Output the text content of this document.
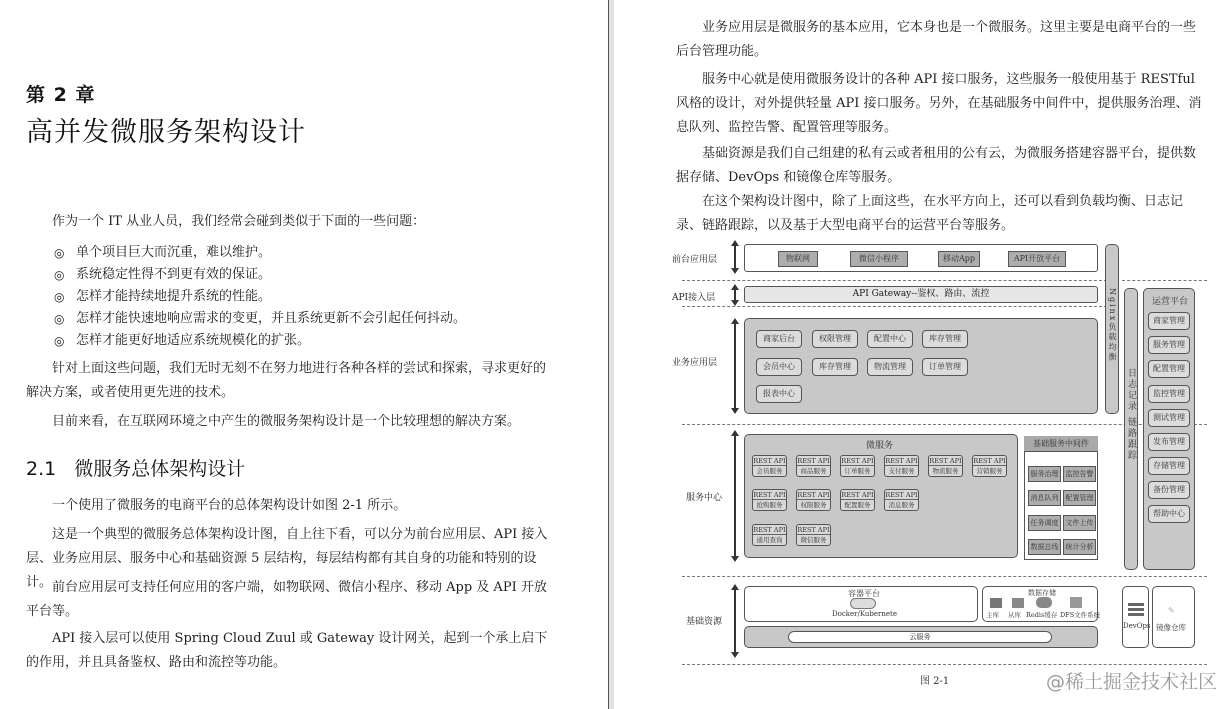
第 2 章
高并发微服务架构设计
作为一个 IT 从业人员，我们经常会碰到类似于下面的一些问题：
◎ 单个项目巨大而沉重，难以维护。
◎ 系统稳定性得不到更有效的保证。
◎ 怎样才能持续地提升系统的性能。
◎ 怎样才能快速地响应需求的变更，并且系统更新不会引起任何抖动。
◎ 怎样才能更好地适应系统规模化的扩张。
针对上面这些问题，我们无时无刻不在努力地进行各种各样的尝试和探索，寻求更好的解决方案，或者使用更先进的技术。
目前来看，在互联网环境之中产生的微服务架构设计是一个比较理想的解决方案。
2.1 微服务总体架构设计
一个使用了微服务的电商平台的总体架构设计如图 2-1 所示。
这是一个典型的微服务总体架构设计图，自上往下看，可以分为前台应用层、API 接入层、业务应用层、服务中心和基础资源 5 层结构，每层结构都有其自身的功能和特别的设计。 前台应用层可支持任何应用的客户端，如物联网、微信小程序、移动 App 及 API 开放平台等。
API 接入层可以使用 Spring Cloud Zuul 或 Gateway 设计网关，起到一个承上启下的作用，并且具备鉴权、路由和流控等功能。
业务应用层是微服务的基本应用，它本身也是一个微服务。这里主要是电商平台的一些后台管理功能。
服务中心就是使用微服务设计的各种 API 接口服务，这些服务一般使用基于 RESTful 风格的设计，对外提供轻量 API 接口服务。另外，在基础服务中间件中，提供服务治理、消息队列、监控告警、配置管理等服务。
基础资源是我们自己组建的私有云或者租用的公有云，为微服务搭建容器平台，提供数据存储、DevOps 和镜像仓库等服务。
在这个架构设计图中，除了上面这些，在水平方向上，还可以看到负载均衡、日志记录、链路跟踪，以及基于大型电商平台的运营平台等服务。
前台应用层
API接入层
业务应用层
服务中心
基础资源
物联网	微信小程序	移动App	API开放平台
API Gateway--鉴权、路由、流控	Nginx负载均衡
日志记录 链路跟踪
运营平台
商家管理
服务管理
配置管理
监控管理
测试管理
发布管理
存储管理
备份管理
帮助中心
商家后台	权限管理	配置中心	库存管理
会员中心	库存管理	物流管理	订单管理
报表中心
微服务
REST API
会员服务
REST API
商品服务
REST API
订单服务
REST API
支付服务
REST API
物流服务
REST API
营销服务
REST API
抢购服务
REST API
权限服务
REST API
配置服务
REST API
消息服务
REST API
通用查询
REST API
微信服务
基础服务中间件
服务治理	监控告警
消息队列	配置管理
任务调度	文件上传
数据总线	统计分析
容器平台
Docker/Kubernete
数据存储
主库 从库 Redis缓存 DFS文件系统
云服务
DevOps
✎
镜像仓库
图 2-1	@稀土掘金技术社区
